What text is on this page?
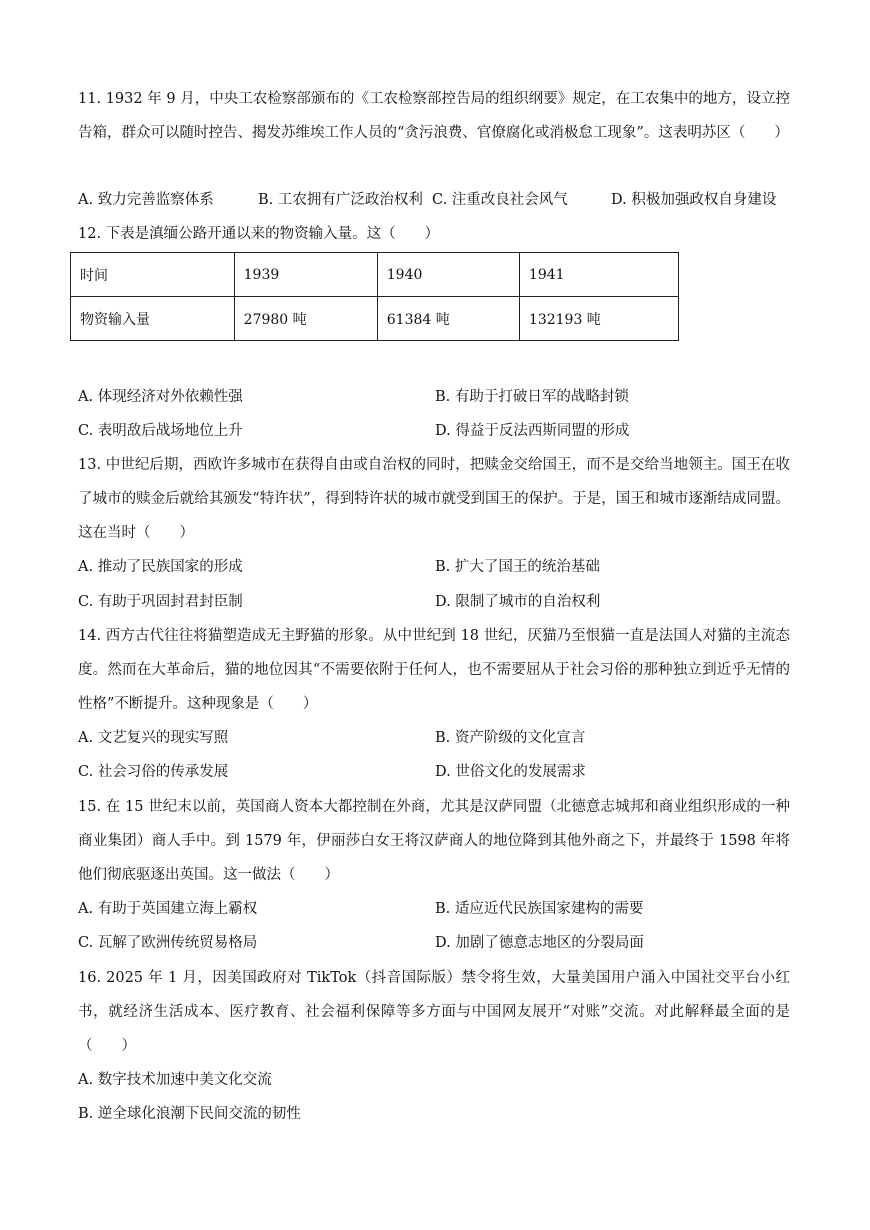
11. 1932 年 9 月，中央工农检察部颁布的《工农检察部控告局的组织纲要》规定，在工农集中的地方，设立控告箱，群众可以随时控告、揭发苏维埃工作人员的“贪污浪费、官僚腐化或消极怠工现象”。这表明苏区（　　）
A. 致力完善监察体系	B. 工农拥有广泛政治权利 C. 注重改良社会风气	D. 积极加强政权自身建设
12. 下表是滇缅公路开通以来的物资输入量。这（　　）
时间	1939	1940	1941
物资输入量	27980 吨	61384 吨	132193 吨
A. 体现经济对外依赖性强	B. 有助于打破日军的战略封锁
C. 表明敌后战场地位上升	D. 得益于反法西斯同盟的形成
13. 中世纪后期，西欧许多城市在获得自由或自治权的同时，把赎金交给国王，而不是交给当地领主。国王在收了城市的赎金后就给其颁发“特许状”，得到特许状的城市就受到国王的保护。于是，国王和城市逐渐结成同盟。这在当时（　　）
A. 推动了民族国家的形成	B. 扩大了国王的统治基础
C. 有助于巩固封君封臣制	D. 限制了城市的自治权利
14. 西方古代往往将猫塑造成无主野猫的形象。从中世纪到 18 世纪，厌猫乃至恨猫一直是法国人对猫的主流态度。然而在大革命后，猫的地位因其“不需要依附于任何人，也不需要屈从于社会习俗的那种独立到近乎无情的性格”不断提升。这种现象是（　　）
A. 文艺复兴的现实写照	B. 资产阶级的文化宣言
C. 社会习俗的传承发展	D. 世俗文化的发展需求
15. 在 15 世纪末以前，英国商人资本大都控制在外商，尤其是汉萨同盟（北德意志城邦和商业组织形成的一种商业集团）商人手中。到 1579 年，伊丽莎白女王将汉萨商人的地位降到其他外商之下，并最终于 1598 年将他们彻底驱逐出英国。这一做法（　　）
A. 有助于英国建立海上霸权	B. 适应近代民族国家建构的需要
C. 瓦解了欧洲传统贸易格局	D. 加剧了德意志地区的分裂局面
16. 2025 年 1 月，因美国政府对 TikTok（抖音国际版）禁令将生效，大量美国用户涌入中国社交平台小红书，就经济生活成本、医疗教育、社会福利保障等多方面与中国网友展开“对账”交流。对此解释最全面的是（　　）
A. 数字技术加速中美文化交流
B. 逆全球化浪潮下民间交流的韧性
